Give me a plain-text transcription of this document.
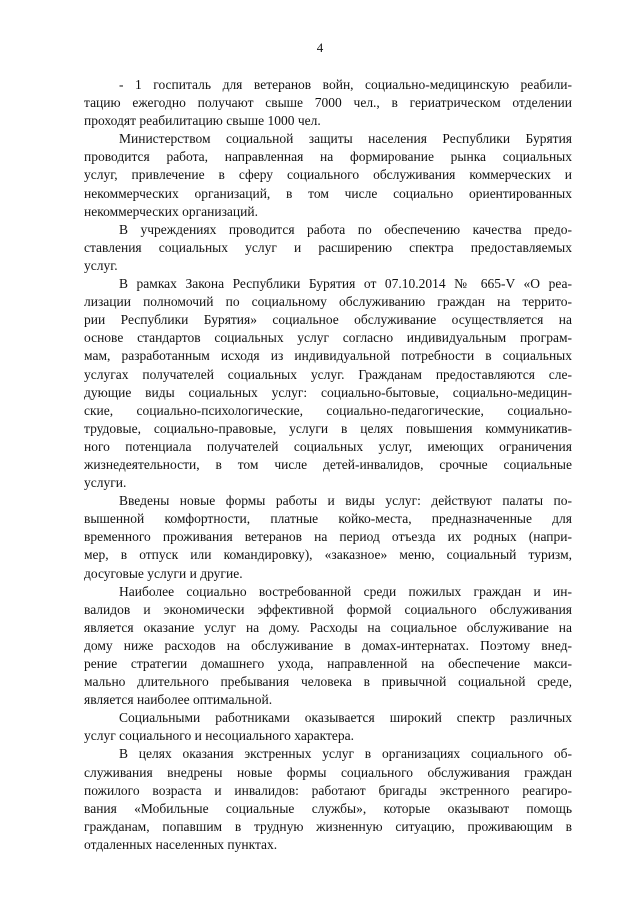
4
- 1 госпиталь для ветеранов войн, социально-медицинскую реабили-
тацию ежегодно получают свыше 7000 чел., в гериатрическом отделении
проходят реабилитацию свыше 1000 чел.
Министерством социальной защиты населения Республики Бурятия
проводится работа, направленная на формирование рынка социальных
услуг, привлечение в сферу социального обслуживания коммерческих и
некоммерческих организаций, в том числе социально ориентированных
некоммерческих организаций.
В учреждениях проводится работа по обеспечению качества предо-
ставления социальных услуг и расширению спектра предоставляемых
услуг.
В рамках Закона Республики Бурятия от 07.10.2014 № 665-V «О реа-
лизации полномочий по социальному обслуживанию граждан на террито-
рии Республики Бурятия» социальное обслуживание осуществляется на
основе стандартов социальных услуг согласно индивидуальным програм-
мам, разработанным исходя из индивидуальной потребности в социальных
услугах получателей социальных услуг. Гражданам предоставляются сле-
дующие виды социальных услуг: социально-бытовые, социально-медицин-
ские, социально-психологические, социально-педагогические, социально-
трудовые, социально-правовые, услуги в целях повышения коммуникатив-
ного потенциала получателей социальных услуг, имеющих ограничения
жизнедеятельности, в том числе детей-инвалидов, срочные социальные
услуги.
Введены новые формы работы и виды услуг: действуют палаты по-
вышенной комфортности, платные койко-места, предназначенные для
временного проживания ветеранов на период отъезда их родных (напри-
мер, в отпуск или командировку), «заказное» меню, социальный туризм,
досуговые услуги и другие.
Наиболее социально востребованной среди пожилых граждан и ин-
валидов и экономически эффективной формой социального обслуживания
является оказание услуг на дому. Расходы на социальное обслуживание на
дому ниже расходов на обслуживание в домах-интернатах. Поэтому внед-
рение стратегии домашнего ухода, направленной на обеспечение макси-
мально длительного пребывания человека в привычной социальной среде,
является наиболее оптимальной.
Социальными работниками оказывается широкий спектр различных
услуг социального и несоциального характера.
В целях оказания экстренных услуг в организациях социального об-
служивания внедрены новые формы социального обслуживания граждан
пожилого возраста и инвалидов: работают бригады экстренного реагиро-
вания «Мобильные социальные службы», которые оказывают помощь
гражданам, попавшим в трудную жизненную ситуацию, проживающим в
отдаленных населенных пунктах.
